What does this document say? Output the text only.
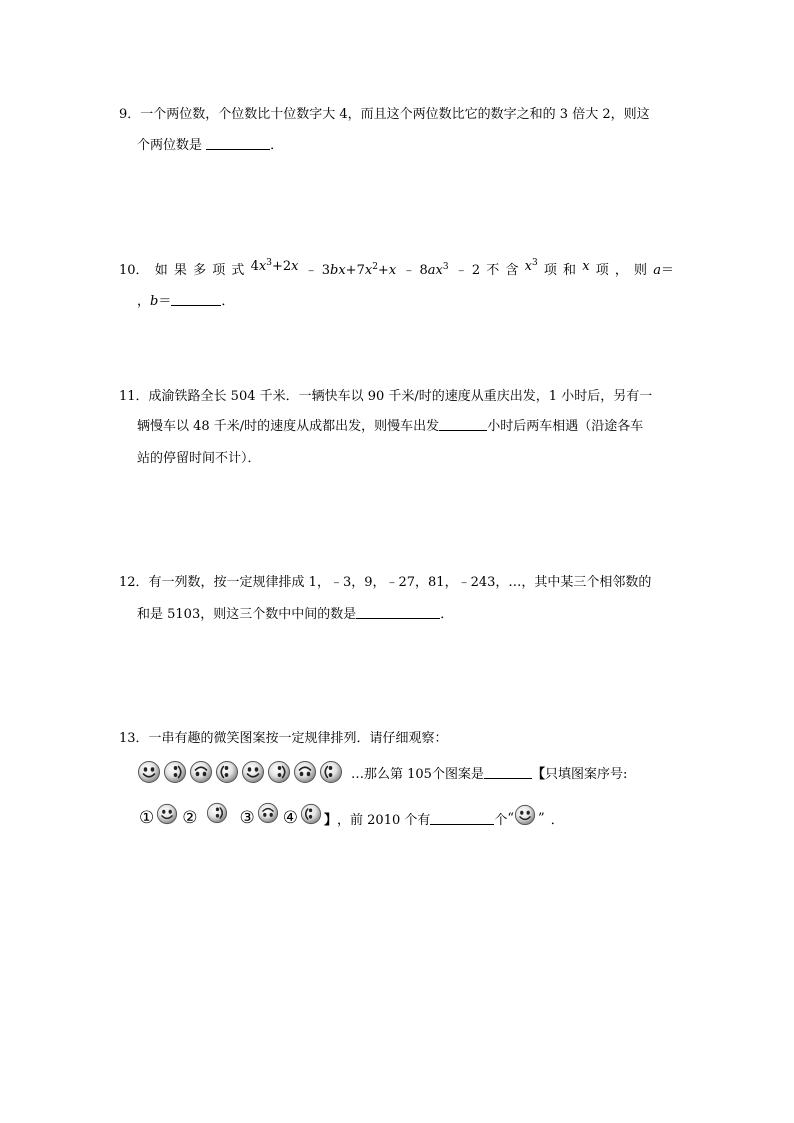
9．一个两位数，个位数比十位数字大 4，而且这个两位数比它的数字之和的 3 倍大 2，则这
个两位数是	．
10． 如 果 多 项 式 $4x^3+2x$ ﹣ $3bx+7x^2+x$ ﹣ $8ax^3$ ﹣ 2 不 含 $x^3$ 项 和 x 项 ， 则 a＝
，b＝	．
11．成渝铁路全长 504 千米．一辆快车以 90 千米/时的速度从重庆出发，1 小时后，另有一
辆慢车以 48 千米/时的速度从成都出发，则慢车出发	小时后两车相遇（沿途各车
站的停留时间不计）．
12．有一列数，按一定规律排成 1，﹣3，9，﹣27，81，﹣243，…，其中某三个相邻数的
和是 5103，则这三个数中中间的数是	．
13．一串有趣的微笑图案按一定规律排列．请仔细观察：
…那么第 105个图案是	【 只填图案序号:
① ② ③ ④ 】 ，前 2010 个有	个 “ ” ．
